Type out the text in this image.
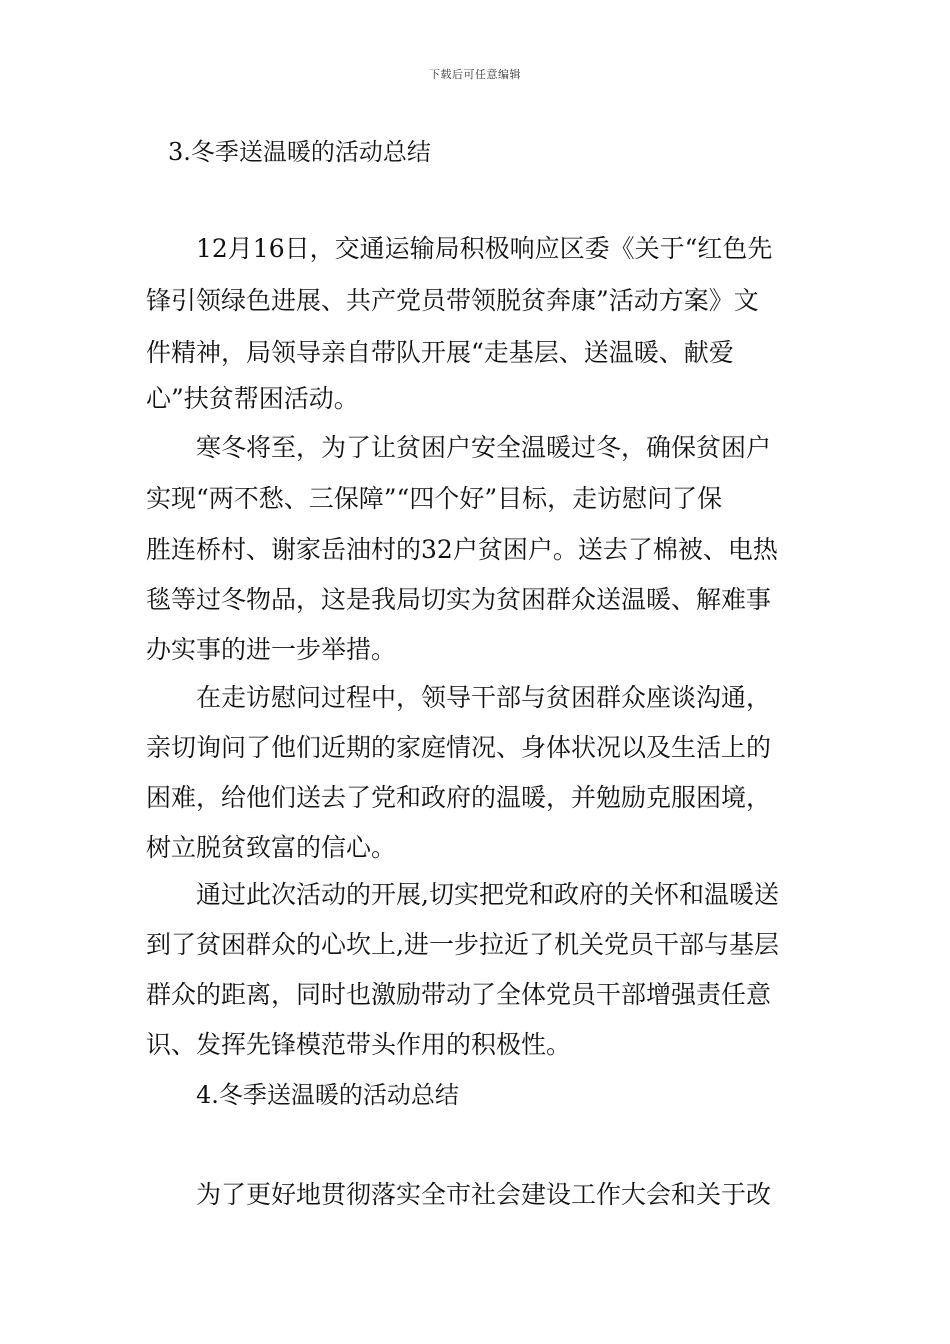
下载后可任意编辑
3.冬季送温暖的活动总结
12月16日，交通运输局积极响应区委《关于“红色先
锋引领绿色进展、共产党员带领脱贫奔康”活动方案》文
件精神，局领导亲自带队开展“走基层、送温暖、献爱
心”扶贫帮困活动。
寒冬将至，为了让贫困户安全温暖过冬，确保贫困户
实现“两不愁、三保障”“四个好”目标，走访慰问了保
胜连桥村、谢家岳油村的32户贫困户。送去了棉被、电热
毯等过冬物品，这是我局切实为贫困群众送温暖、解难事
办实事的进一步举措。
在走访慰问过程中，领导干部与贫困群众座谈沟通，
亲切询问了他们近期的家庭情况、身体状况以及生活上的
困难，给他们送去了党和政府的温暖，并勉励克服困境，
树立脱贫致富的信心。
通过此次活动的开展,切实把党和政府的关怀和温暖送
到了贫困群众的心坎上,进一步拉近了机关党员干部与基层
群众的距离，同时也激励带动了全体党员干部增强责任意
识、发挥先锋模范带头作用的积极性。
4.冬季送温暖的活动总结
为了更好地贯彻落实全市社会建设工作大会和关于改
